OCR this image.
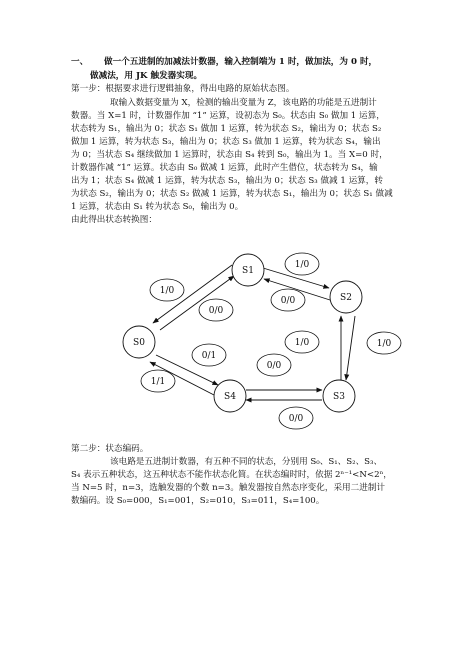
一、 做一个五进制的加减法计数器，输入控制端为 1 时，做加法，为 0 时，
做减法，用 JK 触发器实现。
第一步：根据要求进行逻辑抽象，得出电路的原始状态图。
取输入数据变量为 X，检测的输出变量为 Z，该电路的功能是五进制计
数器。当 X=1 时，计数器作加 “1” 运算，设初态为 S₀。状态由 S₀ 做加 1 运算，
状态转为 S₁，输出为 0；状态 S₁ 做加 1 运算，转为状态 S₂，输出为 0；状态 S₂
做加 1 运算，转为状态 S₃，输出为 0；状态 S₃ 做加 1 运算，转为状态 S₄，输出
为 0；当状态 S₄ 继续做加 1 运算时，状态由 S₄ 转到 S₀，输出为 1。当 X=0 时，
计数器作减 “1” 运算。状态由 S₀ 做减 1 运算，此时产生借位，状态转为 S₄，输
出为 1；状态 S₄ 做减 1 运算，转为状态 S₃，输出为 0；状态 S₃ 做减 1 运算，转
为状态 S₂，输出为 0；状态 S₂ 做减 1 运算，转为状态 S₁，输出为 0；状态 S₁ 做减
1 运算，状态由 S₁ 转为状态 S₀，输出为 0。
由此得出状态转换图：
S1
S2
S3
S4
S0
1/0
1/0
0/0
0/0
1/0
1/0
0/1
1/1
0/0
0/0
第二步：状态编码。
该电路是五进制计数器，有五种不同的状态，分别用 S₀、S₁、S₂、S₃、
S₄ 表示五种状态，这五种状态不能作状态化简。在状态编时时，依据 2ⁿ⁻¹<N<2ⁿ，
当 N=5 时，n=3，选触发器的个数 n=3。触发器按自然态序变化，采用二进制计
数编码。设 S₀=000，S₁=001，S₂=010，S₃=011，S₄=100。
